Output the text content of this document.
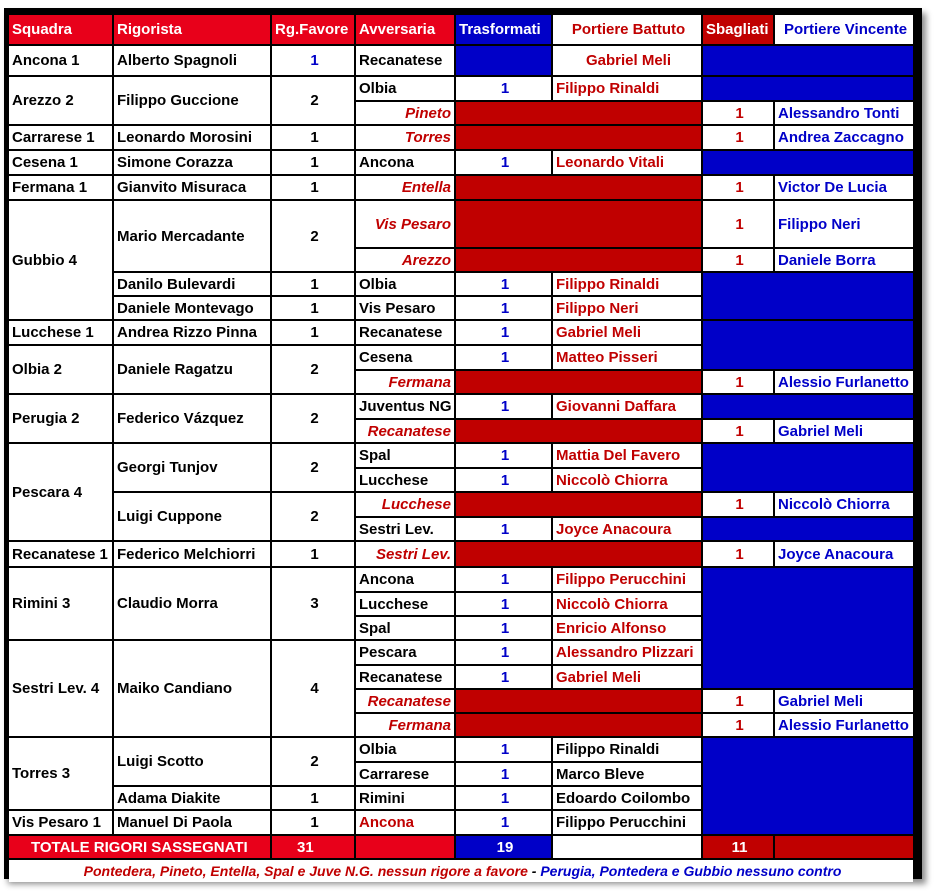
Squadra	Rigorista	Rg.Favore	Avversaria	Trasformati	Portiere Battuto	Sbagliati	Portiere Vincente
Ancona 1	Alberto Spagnoli	1	Recanatese		Gabriel Meli		
Arezzo 2	Filippo Guccione	2	Olbia	1	Filippo Rinaldi		
			Pineto			1	Alessandro Tonti
Carrarese 1	Leonardo Morosini	1	Torres			1	Andrea Zaccagno
Cesena 1	Simone Corazza	1	Ancona	1	Leonardo Vitali		
Fermana 1	Gianvito Misuraca	1	Entella			1	Victor De Lucia
Gubbio 4	Mario Mercadante	2	Vis Pesaro			1	Filippo Neri
			Arezzo			1	Daniele Borra
	Danilo Bulevardi	1	Olbia	1	Filippo Rinaldi		
	Daniele Montevago	1	Vis Pesaro	1	Filippo Neri		
Lucchese 1	Andrea Rizzo Pinna	1	Recanatese	1	Gabriel Meli		
Olbia 2	Daniele Ragatzu	2	Cesena	1	Matteo Pisseri		
			Fermana			1	Alessio Furlanetto
Perugia 2	Federico Vázquez	2	Juventus NG	1	Giovanni Daffara		
			Recanatese			1	Gabriel Meli
Pescara 4	Georgi Tunjov	2	Spal	1	Mattia Del Favero		
			Lucchese	1	Niccolò Chiorra		
	Luigi Cuppone	2	Lucchese			1	Niccolò Chiorra
			Sestri Lev.	1	Joyce Anacoura		
Recanatese 1	Federico Melchiorri	1	Sestri Lev.			1	Joyce Anacoura
Rimini 3	Claudio Morra	3	Ancona	1	Filippo Perucchini		
			Lucchese	1	Niccolò Chiorra		
			Spal	1	Enricio Alfonso		
Sestri Lev. 4	Maiko Candiano	4	Pescara	1	Alessandro Plizzari		
			Recanatese	1	Gabriel Meli		
			Recanatese			1	Gabriel Meli
			Fermana			1	Alessio Furlanetto
Torres 3	Luigi Scotto	2	Olbia	1	Filippo Rinaldi		
			Carrarese	1	Marco Bleve		
	Adama Diakite	1	Rimini	1	Edoardo Coilombo		
Vis Pesaro 1	Manuel Di Paola	1	Ancona	1	Filippo Perucchini		
TOTALE RIGORI SASSEGNATI		31		19		11	
Pontedera, Pineto, Entella, Spal e Juve N.G. nessun rigore a favore - Perugia, Pontedera e Gubbio nessuno contro							
